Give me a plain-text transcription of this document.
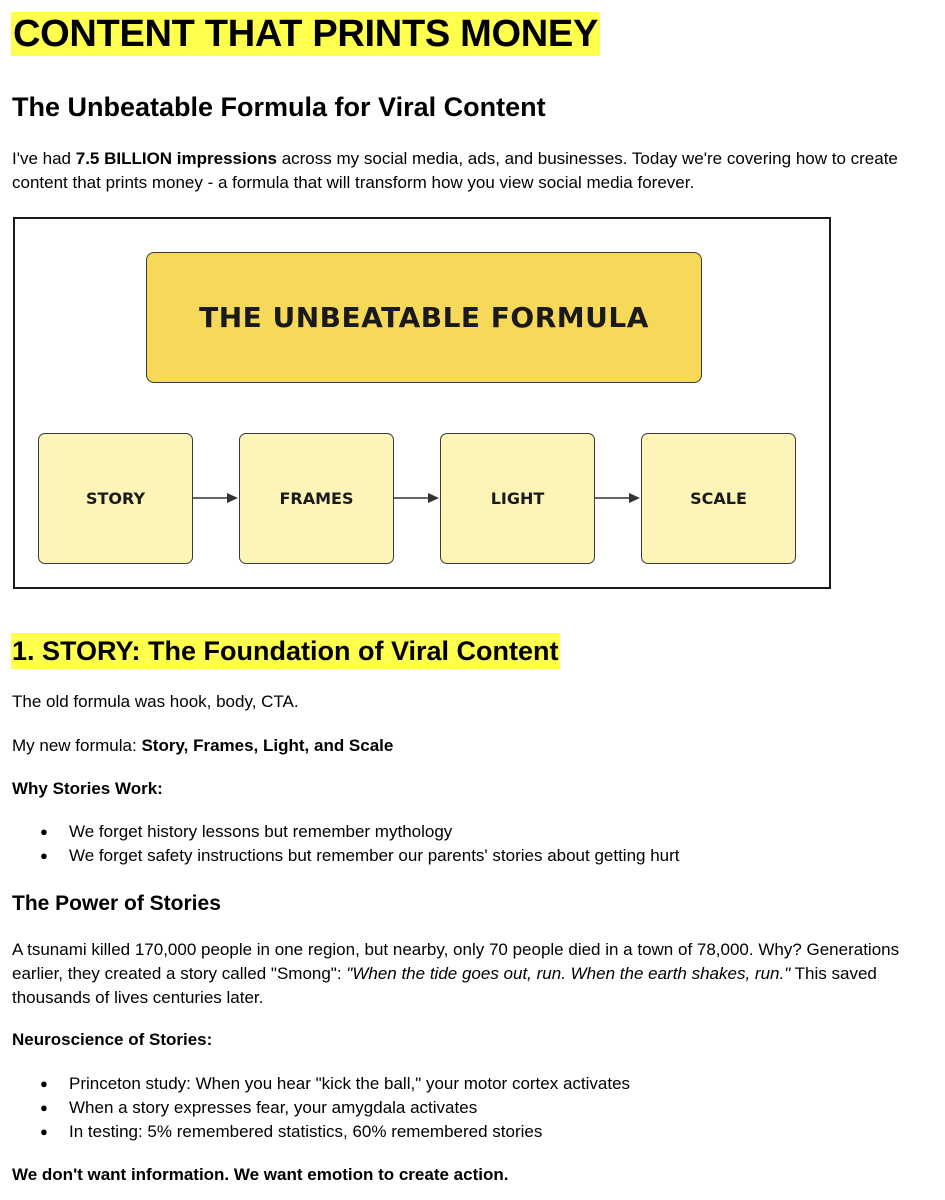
CONTENT THAT PRINTS MONEY
The Unbeatable Formula for Viral Content

I've had 7.5 BILLION impressions across my social media, ads, and businesses. Today we're covering how to create content that prints money - a formula that will transform how you view social media forever.

THE UNBEATABLE FORMULA
STORY	FRAMES	LIGHT	SCALE
1. STORY: The Foundation of Viral Content

The old formula was hook, body, CTA.

My new formula: Story, Frames, Light, and Scale

Why Stories Work:

● We forget history lessons but remember mythology
● We forget safety instructions but remember our parents' stories about getting hurt
The Power of Stories

A tsunami killed 170,000 people in one region, but nearby, only 70 people died in a town of 78,000. Why? Generations earlier, they created a story called "Smong": "When the tide goes out, run. When the earth shakes, run." This saved thousands of lives centuries later.

Neuroscience of Stories:

● Princeton study: When you hear "kick the ball," your motor cortex activates
● When a story expresses fear, your amygdala activates
● In testing: 5% remembered statistics, 60% remembered stories

We don't want information. We want emotion to create action.
